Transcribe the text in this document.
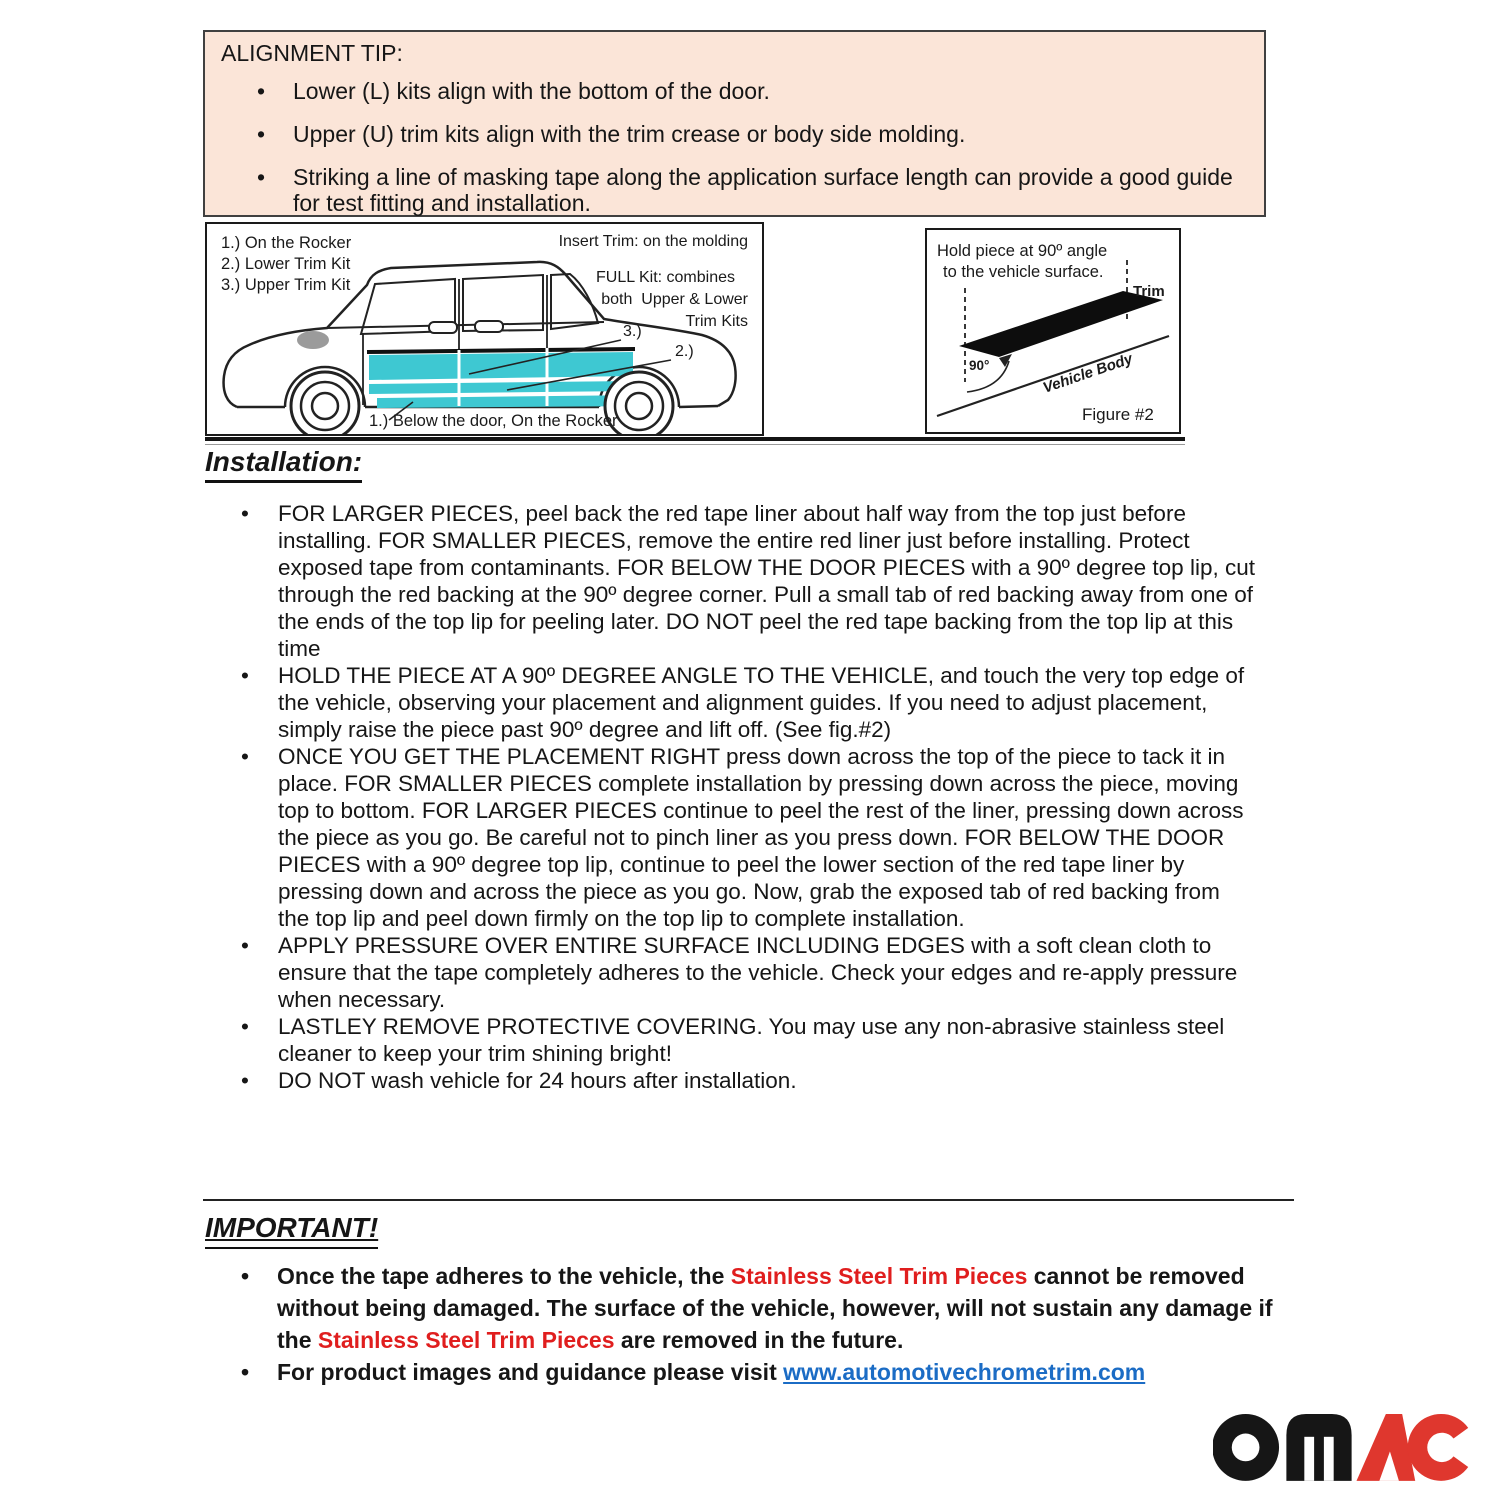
ALIGNMENT TIP:
• Lower (L) kits align with the bottom of the door.
• Upper (U) trim kits align with the trim crease or body side molding.
• Striking a line of masking tape along the application surface length can provide a good guide for test fitting and installation.
1.) On the Rocker
2.) Lower Trim Kit
3.) Upper Trim Kit
Insert Trim: on the molding
FULL Kit: combines
both  Upper & Lower
Trim Kits
3.)
2.)
1.) Below the door, On the Rocker
Hold piece at 90º angle
to the vehicle surface.
Trim
90°	Vehicle Body
Figure #2
Installation:
• FOR LARGER PIECES, peel back the red tape liner about half way from the top just before installing. FOR SMALLER PIECES, remove the entire red liner just before installing. Protect exposed tape from contaminants. FOR BELOW THE DOOR PIECES with a 90º degree top lip, cut through the red backing at the 90º degree corner. Pull a small tab of red backing away from one of the ends of the top lip for peeling later. DO NOT peel the red tape backing from the top lip at this time
• HOLD THE PIECE AT A 90º DEGREE ANGLE TO THE VEHICLE, and touch the very top edge of the vehicle, observing your placement and alignment guides. If you need to adjust placement, simply raise the piece past 90º degree and lift off. (See fig.#2)
• ONCE YOU GET THE PLACEMENT RIGHT press down across the top of the piece to tack it in place. FOR SMALLER PIECES complete installation by pressing down across the piece, moving top to bottom. FOR LARGER PIECES continue to peel the rest of the liner, pressing down across the piece as you go. Be careful not to pinch liner as you press down. FOR BELOW THE DOOR PIECES with a 90º degree top lip, continue to peel the lower section of the red tape liner by pressing down and across the piece as you go. Now, grab the exposed tab of red backing from the top lip and peel down firmly on the top lip to complete installation.
• APPLY PRESSURE OVER ENTIRE SURFACE INCLUDING EDGES with a soft clean cloth to ensure that the tape completely adheres to the vehicle. Check your edges and re-apply pressure when necessary.
• LASTLEY REMOVE PROTECTIVE COVERING. You may use any non-abrasive stainless steel cleaner to keep your trim shining bright!
• DO NOT wash vehicle for 24 hours after installation.
IMPORTANT!
• Once the tape adheres to the vehicle, the Stainless Steel Trim Pieces cannot be removed without being damaged. The surface of the vehicle, however, will not sustain any damage if the Stainless Steel Trim Pieces are removed in the future.
• For product images and guidance please visit www.automotivechrometrim.com
